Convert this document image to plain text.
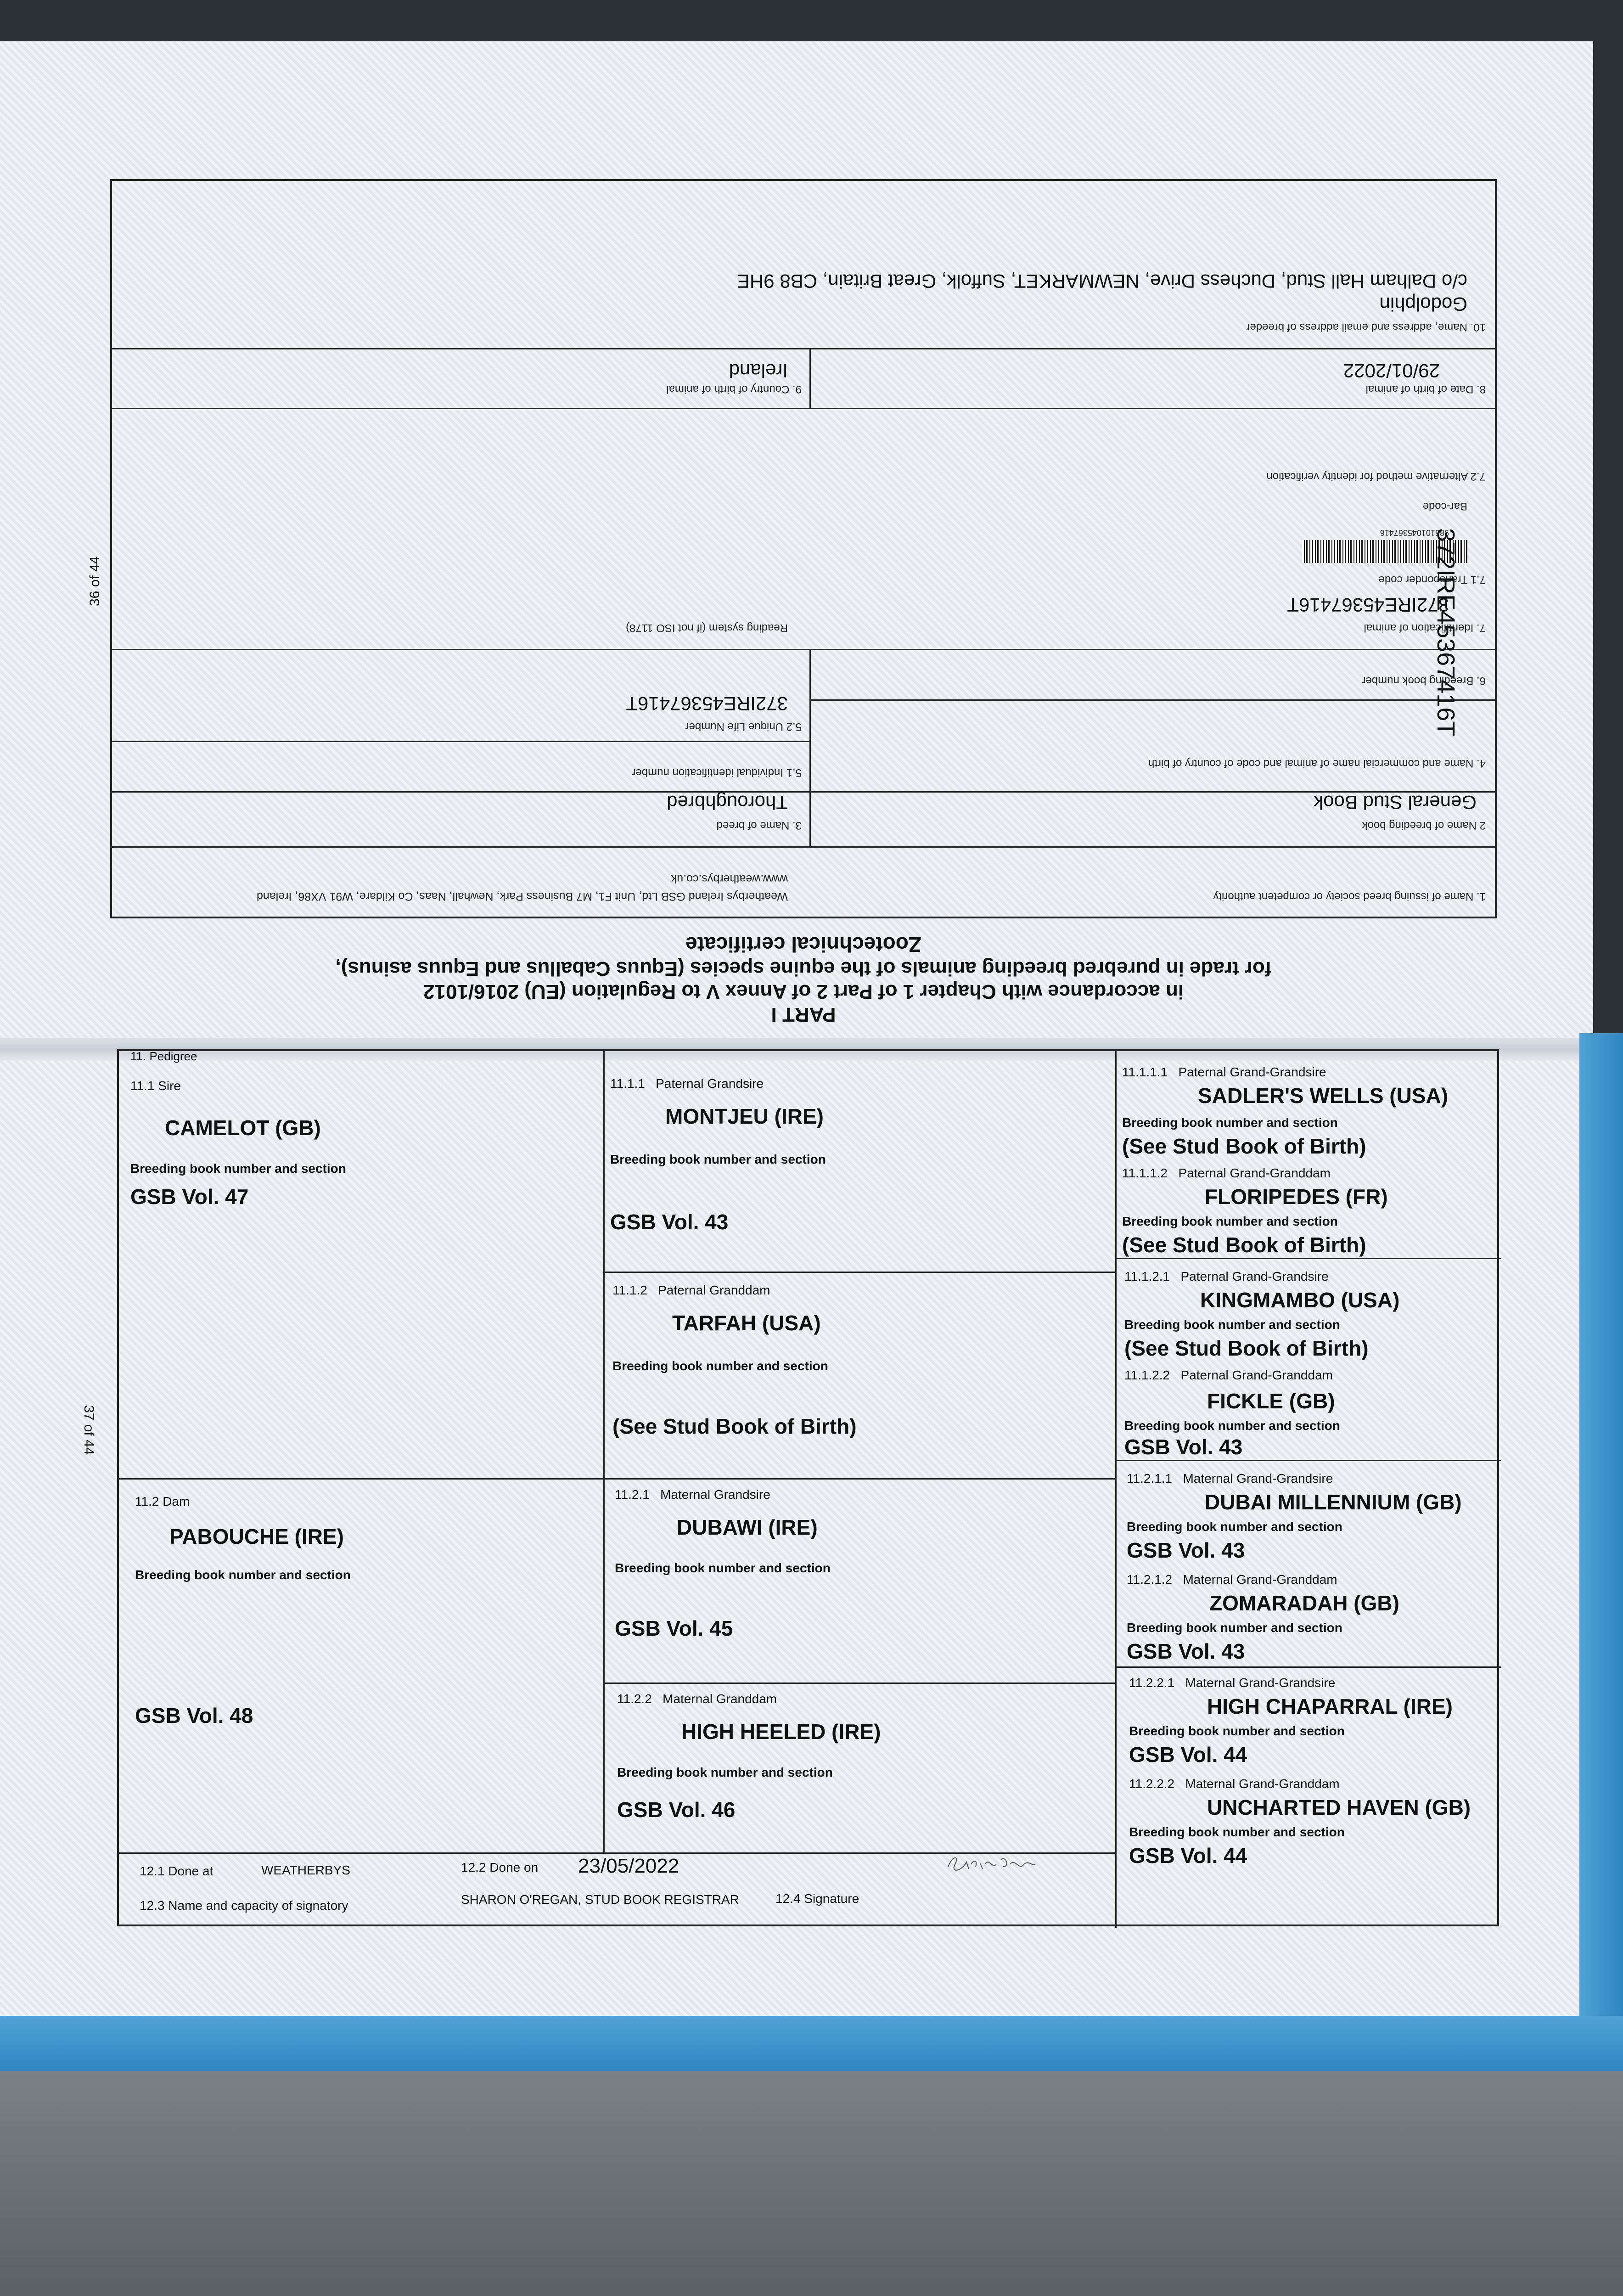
1. Name of issuing breed society or competent authority
Weatherbys Ireland GSB Ltd, Unit F1, M7 Business Park, Newhall, Naas, Co Kildare, W91 VX86, Ireland
www.weatherbys.co.uk
2 Name of breeding book
General Stud Book
3. Name of breed
Thoroughbred
4. Name and commercial name of animal and code of country of birth
5.1 Individual identification number
5.2 Unique Life Number
372IRE45367416T
6. Breeding book number
7. Identification of animal
372IRE45367416T
Reading system (if not ISO 1178)
7.1 Transponder code
985101045367416
Bar-code
7.2 Alternative method for identity verification
8. Date of birth of animal
29/01/2022
9. Country of birth of animal
Ireland
10. Name, address and email address of breeder
Godolphin
c/o Dalham Hall Stud, Duchess Drive, NEWMARKET, Suffolk, Great Britain, CB8 9HE
PART I
in accordance with Chapter 1 of Part 2 of Annex V to Regulation (EU) 2016/1012
for trade in purebred breeding animals of the equine species (Equus Caballus and Equus asinus),
Zootechnical certificate
372IRE45367416T
36 of 44
37 of 44
11. Pedigree
11.1 Sire
CAMELOT (GB)
Breeding book number and section
GSB Vol. 47
11.2 Dam
PABOUCHE (IRE)
Breeding book number and section
GSB Vol. 48
11.1.1 Paternal Grandsire
MONTJEU (IRE)
Breeding book number and section
GSB Vol. 43
11.1.2 Paternal Granddam
TARFAH (USA)
Breeding book number and section
(See Stud Book of Birth)
11.2.1 Maternal Grandsire
DUBAWI (IRE)
Breeding book number and section
GSB Vol. 45
11.2.2 Maternal Granddam
HIGH HEELED (IRE)
Breeding book number and section
GSB Vol. 46
11.1.1.1 Paternal Grand-Grandsire
SADLER'S WELLS (USA)
Breeding book number and section
(See Stud Book of Birth)
11.1.1.2 Paternal Grand-Granddam
FLORIPEDES (FR)
Breeding book number and section
(See Stud Book of Birth)
11.1.2.1 Paternal Grand-Grandsire
KINGMAMBO (USA)
Breeding book number and section
(See Stud Book of Birth)
11.1.2.2 Paternal Grand-Granddam
FICKLE (GB)
Breeding book number and section
GSB Vol. 43
11.2.1.1 Maternal Grand-Grandsire
DUBAI MILLENNIUM (GB)
Breeding book number and section
GSB Vol. 43
11.2.1.2 Maternal Grand-Granddam
ZOMARADAH (GB)
Breeding book number and section
GSB Vol. 43
11.2.2.1 Maternal Grand-Grandsire
HIGH CHAPARRAL (IRE)
Breeding book number and section
GSB Vol. 44
11.2.2.2 Maternal Grand-Granddam
UNCHARTED HAVEN (GB)
Breeding book number and section
GSB Vol. 44
12.1 Done at	WEATHERBYS	12.2 Done on 23/05/2022
12.3 Name and capacity of signatory	SHARON O'REGAN, STUD BOOK REGISTRAR	12.4 Signature
